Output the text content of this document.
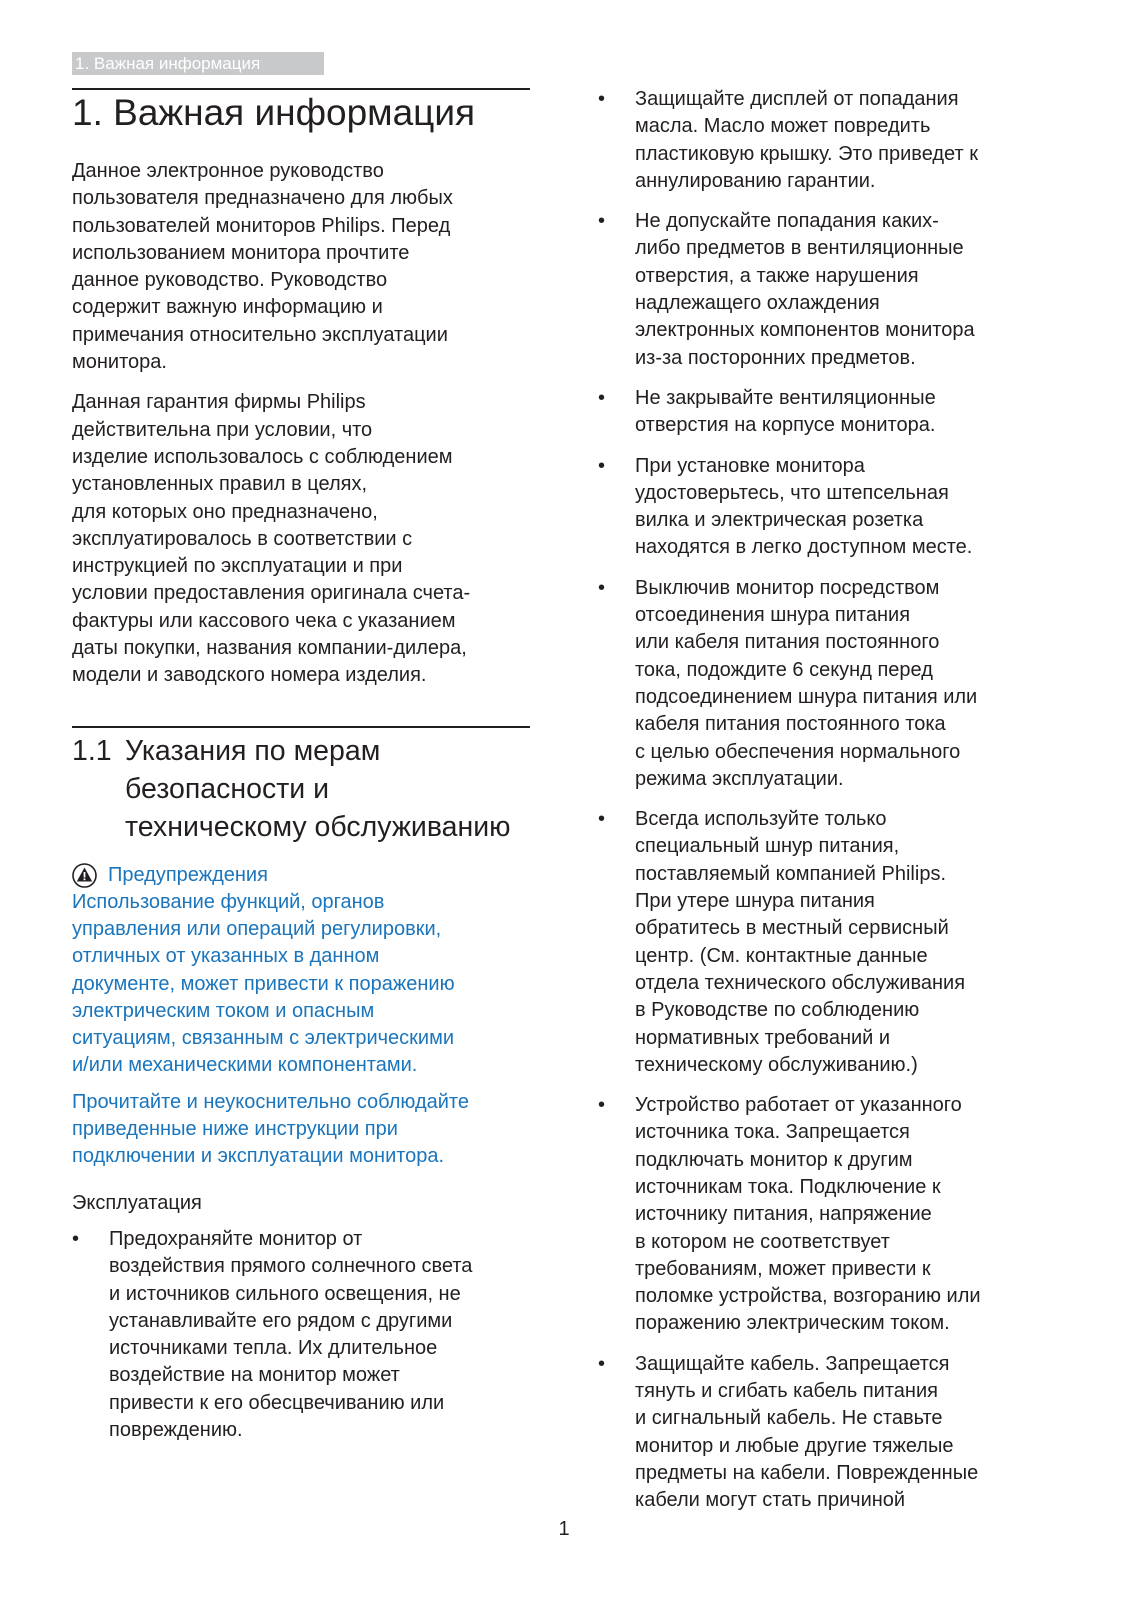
1. Важная информация
1. Важная информация

Данное электронное руководство
пользователя предназначено для любых
пользователей мониторов Philips. Перед
использованием монитора прочтите
данное руководство. Руководство
содержит важную информацию и
примечания относительно эксплуатации
монитора.

Данная гарантия фирмы Philips
действительна при условии, что
изделие использовалось с соблюдением
установленных правил в целях,
для которых оно предназначено,
эксплуатировалось в соответствии с
инструкцией по эксплуатации и при
условии предоставления оригинала счета-
фактуры или кассового чека с указанием
даты покупки, названия компании-дилера,
модели и заводского номера изделия.

1.1 Указания по мерам
безопасности и
техническому обслуживанию
Предупреждения

Использование функций, органов
управления или операций регулировки,
отличных от указанных в данном
документе, может привести к поражению
электрическим током и опасным
ситуациям, связанным с электрическими
и/или механическими компонентами.

Прочитайте и неукоснительно соблюдайте
приведенные ниже инструкции при
подключении и эксплуатации монитора.

Эксплуатация

• Предохраняйте монитор от
воздействия прямого солнечного света
и источников сильного освещения, не
устанавливайте его рядом с другими
источниками тепла. Их длительное
воздействие на монитор может
привести к его обесцвечиванию или
повреждению.
• Защищайте дисплей от попадания
масла. Масло может повредить
пластиковую крышку. Это приведет к
аннулированию гарантии.
• Не допускайте попадания каких-
либо предметов в вентиляционные
отверстия, а также нарушения
надлежащего охлаждения
электронных компонентов монитора
из-за посторонних предметов.
• Не закрывайте вентиляционные
отверстия на корпусе монитора.
• При установке монитора
удостоверьтесь, что штепсельная
вилка и электрическая розетка
находятся в легко доступном месте.
• Выключив монитор посредством
отсоединения шнура питания
или кабеля питания постоянного
тока, подождите 6 секунд перед
подсоединением шнура питания или
кабеля питания постоянного тока
с целью обеспечения нормального
режима эксплуатации.
• Всегда используйте только
специальный шнур питания,
поставляемый компанией Philips.
При утере шнура питания
обратитесь в местный сервисный
центр. (См. контактные данные
отдела технического обслуживания
в Руководстве по соблюдению
нормативных требований и
техническому обслуживанию.)
• Устройство работает от указанного
источника тока. Запрещается
подключать монитор к другим
источникам тока. Подключение к
источнику питания, напряжение
в котором не соответствует
требованиям, может привести к
поломке устройства, возгоранию или
поражению электрическим током.
• Защищайте кабель. Запрещается
тянуть и сгибать кабель питания
и сигнальный кабель. Не ставьте
монитор и любые другие тяжелые
предметы на кабели. Поврежденные
кабели могут стать причиной
1
